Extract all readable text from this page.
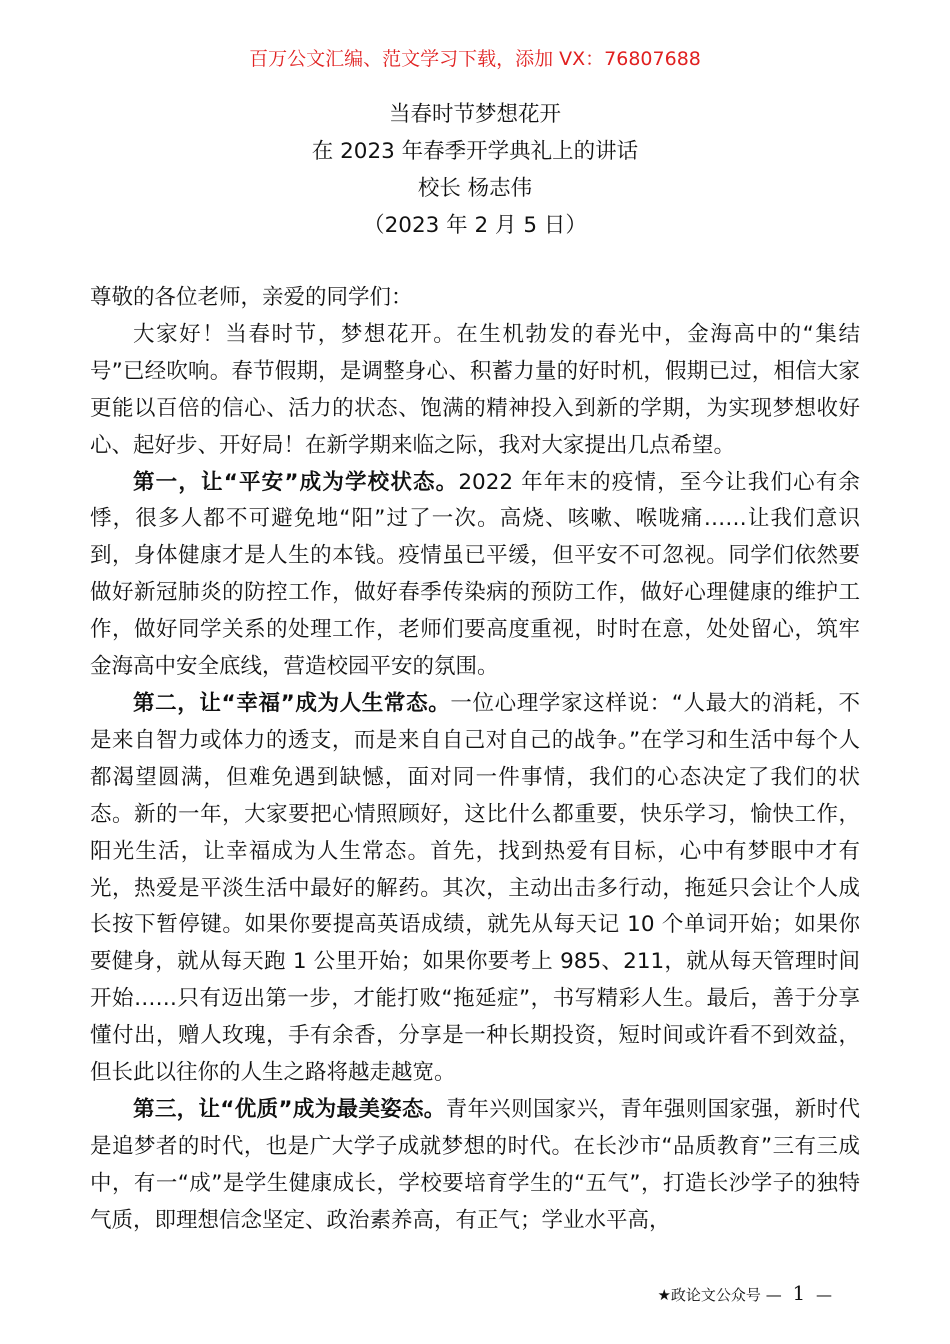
百万公文汇编、范文学习下载，添加 VX：76807688
当春时节梦想花开
在 2023 年春季开学典礼上的讲话
校长 杨志伟
（2023 年 2 月 5 日）

尊敬的各位老师，亲爱的同学们：

大家好！当春时节，梦想花开。在生机勃发的春光中，金海高中的“集结号”已经吹响。春节假期，是调整身心、积蓄力量的好时机，假期已过，相信大家更能以百倍的信心、活力的状态、饱满的精神投入到新的学期，为实现梦想收好心、起好步、开好局！在新学期来临之际，我对大家提出几点希望。

第一，让“平安”成为学校状态。2022 年年末的疫情，至今让我们心有余悸，很多人都不可避免地“阳”过了一次。高烧、咳嗽、喉咙痛……让我们意识到，身体健康才是人生的本钱。疫情虽已平缓，但平安不可忽视。同学们依然要做好新冠肺炎的防控工作，做好春季传染病的预防工作，做好心理健康的维护工作，做好同学关系的处理工作，老师们要高度重视，时时在意，处处留心，筑牢金海高中安全底线，营造校园平安的氛围。

第二，让“幸福”成为人生常态。一位心理学家这样说：“人最大的消耗，不是来自智力或体力的透支，而是来自自己对自己的战争。”在学习和生活中每个人都渴望圆满，但难免遇到缺憾，面对同一件事情，我们的心态决定了我们的状态。新的一年，大家要把心情照顾好，这比什么都重要，快乐学习，愉快工作，阳光生活，让幸福成为人生常态。首先，找到热爱有目标，心中有梦眼中才有光，热爱是平淡生活中最好的解药。其次，主动出击多行动，拖延只会让个人成长按下暂停键。如果你要提高英语成绩，就先从每天记 10 个单词开始；如果你要健身，就从每天跑 1 公里开始；如果你要考上 985、211，就从每天管理时间开始……只有迈出第一步，才能打败“拖延症”，书写精彩人生。最后，善于分享懂付出，赠人玫瑰，手有余香，分享是一种长期投资，短时间或许看不到效益，但长此以往你的人生之路将越走越宽。

第三，让“优质”成为最美姿态。青年兴则国家兴，青年强则国家强，新时代是追梦者的时代，也是广大学子成就梦想的时代。在长沙市“品质教育”三有三成中，有一“成”是学生健康成长，学校要培育学生的“五气”，打造长沙学子的独特气质，即理想信念坚定、政治素养高，有正气；学业水平高，

★政论文公众号 — 1 —
